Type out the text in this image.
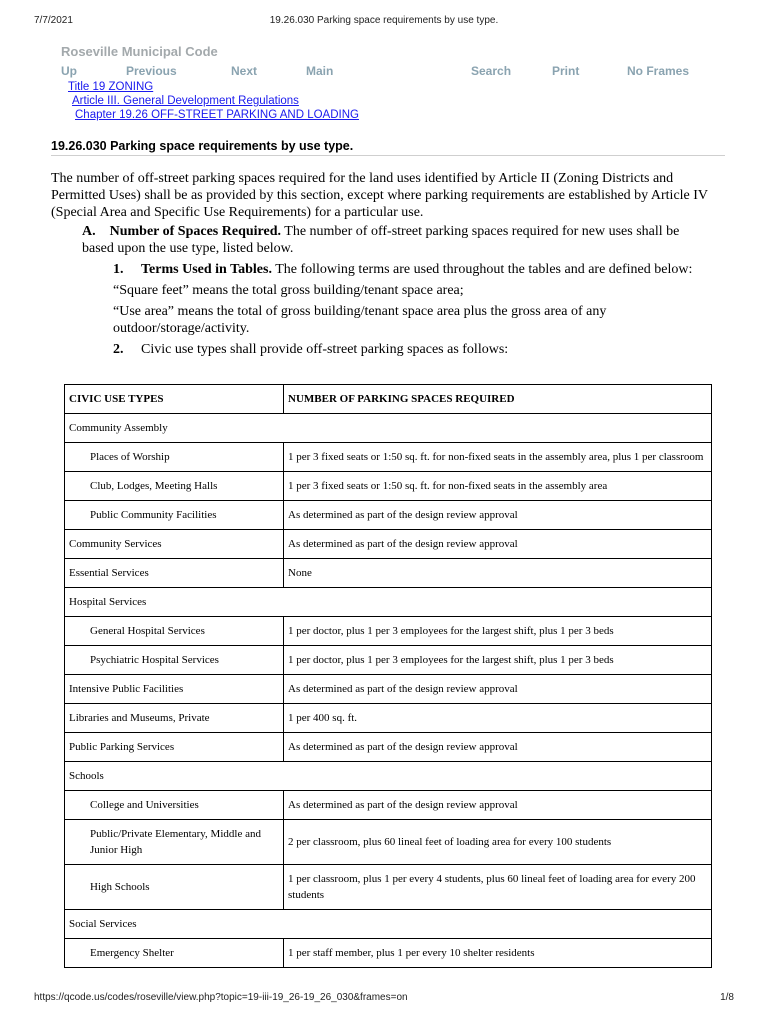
7/7/2021	19.26.030 Parking space requirements by use type.
Roseville Municipal Code
Up	Previous	Next	Main	Search	Print	No Frames
Title 19 ZONING
Article III. General Development Regulations
Chapter 19.26 OFF-STREET PARKING AND LOADING
19.26.030 Parking space requirements by use type.

The number of off-street parking spaces required for the land uses identified by Article II (Zoning Districts and Permitted Uses) shall be as provided by this section, except where parking requirements are established by Article IV (Special Area and Specific Use Requirements) for a particular use.

A. Number of Spaces Required. The number of off-street parking spaces required for new uses shall be

based upon the use type, listed below.

1. Terms Used in Tables. The following terms are used throughout the tables and are defined below:

“Square feet” means the total gross building/tenant space area;

“Use area” means the total of gross building/tenant space area plus the gross area of any outdoor/storage/activity.

2. Civic use types shall provide off-street parking spaces as follows:

CIVIC USE TYPES	NUMBER OF PARKING SPACES REQUIRED
Community Assembly	
Places of Worship	1 per 3 fixed seats or 1:50 sq. ft. for non-fixed seats in the assembly area, plus 1 per classroom
Club, Lodges, Meeting Halls	1 per 3 fixed seats or 1:50 sq. ft. for non-fixed seats in the assembly area
Public Community Facilities	As determined as part of the design review approval
Community Services	As determined as part of the design review approval
Essential Services	None
Hospital Services	
General Hospital Services	1 per doctor, plus 1 per 3 employees for the largest shift, plus 1 per 3 beds
Psychiatric Hospital Services	1 per doctor, plus 1 per 3 employees for the largest shift, plus 1 per 3 beds
Intensive Public Facilities	As determined as part of the design review approval
Libraries and Museums, Private	1 per 400 sq. ft.
Public Parking Services	As determined as part of the design review approval
Schools	
College and Universities	As determined as part of the design review approval
Public/Private Elementary, Middle and Junior High	2 per classroom, plus 60 lineal feet of loading area for every 100 students
High Schools	1 per classroom, plus 1 per every 4 students, plus 60 lineal feet of loading area for every 200 students
Social Services	
Emergency Shelter	1 per staff member, plus 1 per every 10 shelter residents
https://qcode.us/codes/roseville/view.php?topic=19-iii-19_26-19_26_030&frames=on	1/8
